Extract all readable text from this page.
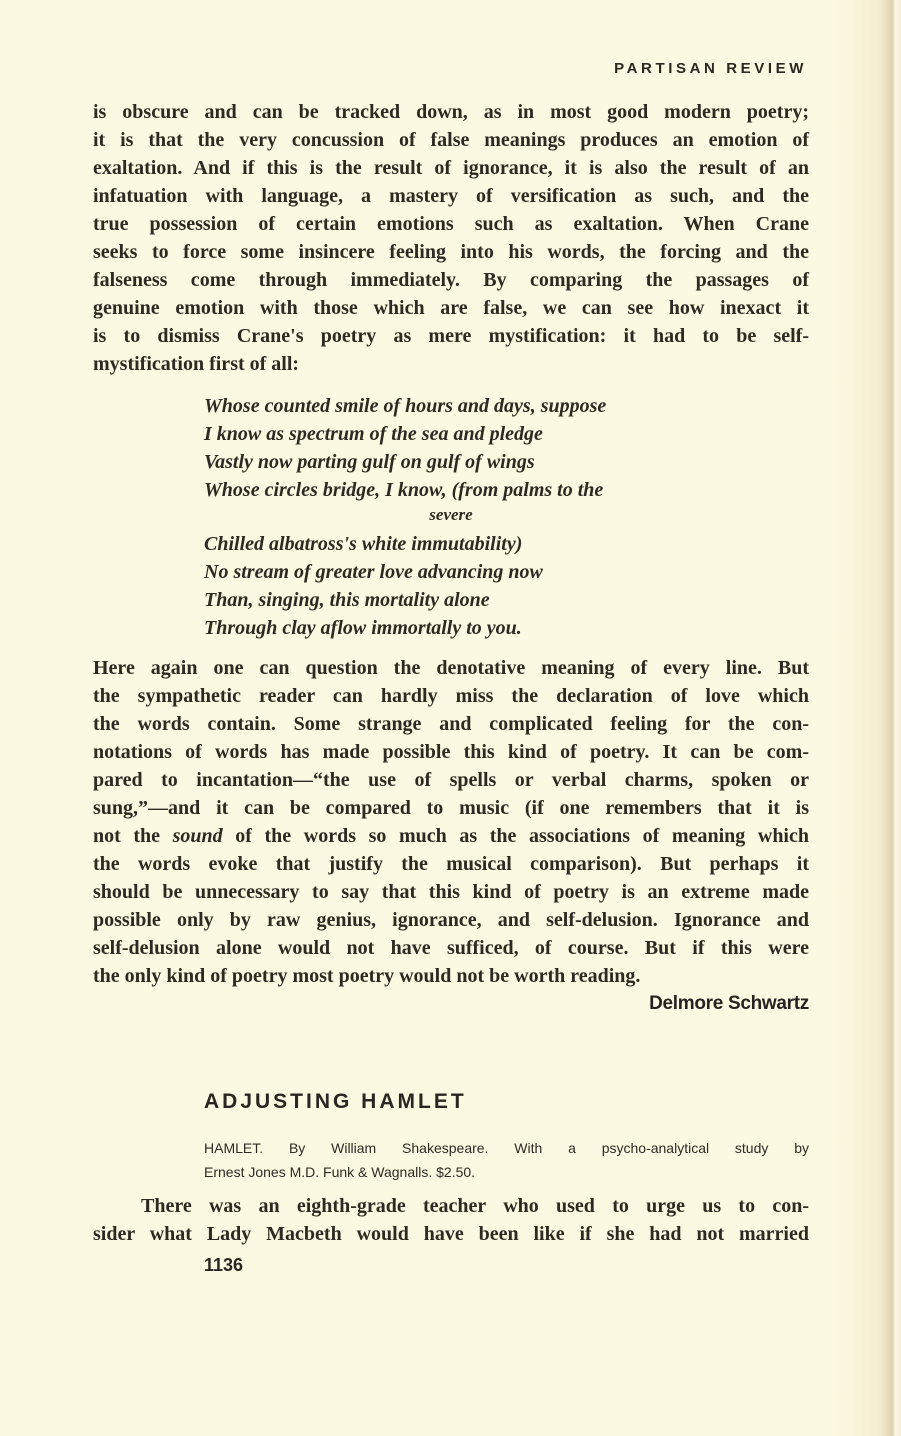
PARTISAN REVIEW
is obscure and can be tracked down, as in most good modern poetry;
it is that the very concussion of false meanings produces an emotion of
exaltation. And if this is the result of ignorance, it is also the result of an
infatuation with language, a mastery of versification as such, and the
true possession of certain emotions such as exaltation. When Crane
seeks to force some insincere feeling into his words, the forcing and the
falseness come through immediately. By comparing the passages of
genuine emotion with those which are false, we can see how inexact it
is to dismiss Crane's poetry as mere mystification: it had to be self-
mystification first of all:
Whose counted smile of hours and days, suppose
I know as spectrum of the sea and pledge
Vastly now parting gulf on gulf of wings
Whose circles bridge, I know, (from palms to the
severe
Chilled albatross's white immutability)
No stream of greater love advancing now
Than, singing, this mortality alone
Through clay aflow immortally to you.
Here again one can question the denotative meaning of every line. But
the sympathetic reader can hardly miss the declaration of love which
the words contain. Some strange and complicated feeling for the con-
notations of words has made possible this kind of poetry. It can be com-
pared to incantation—“the use of spells or verbal charms, spoken or
sung,”—and it can be compared to music (if one remembers that it is
not the sound of the words so much as the associations of meaning which
the words evoke that justify the musical comparison). But perhaps it
should be unnecessary to say that this kind of poetry is an extreme made
possible only by raw genius, ignorance, and self-delusion. Ignorance and
self-delusion alone would not have sufficed, of course. But if this were
the only kind of poetry most poetry would not be worth reading.
Delmore Schwartz
ADJUSTING HAMLET
HAMLET. By William Shakespeare. With a psycho-analytical study by
Ernest Jones M.D. Funk & Wagnalls. $2.50.
There was an eighth-grade teacher who used to urge us to con-
sider what Lady Macbeth would have been like if she had not married
1136
